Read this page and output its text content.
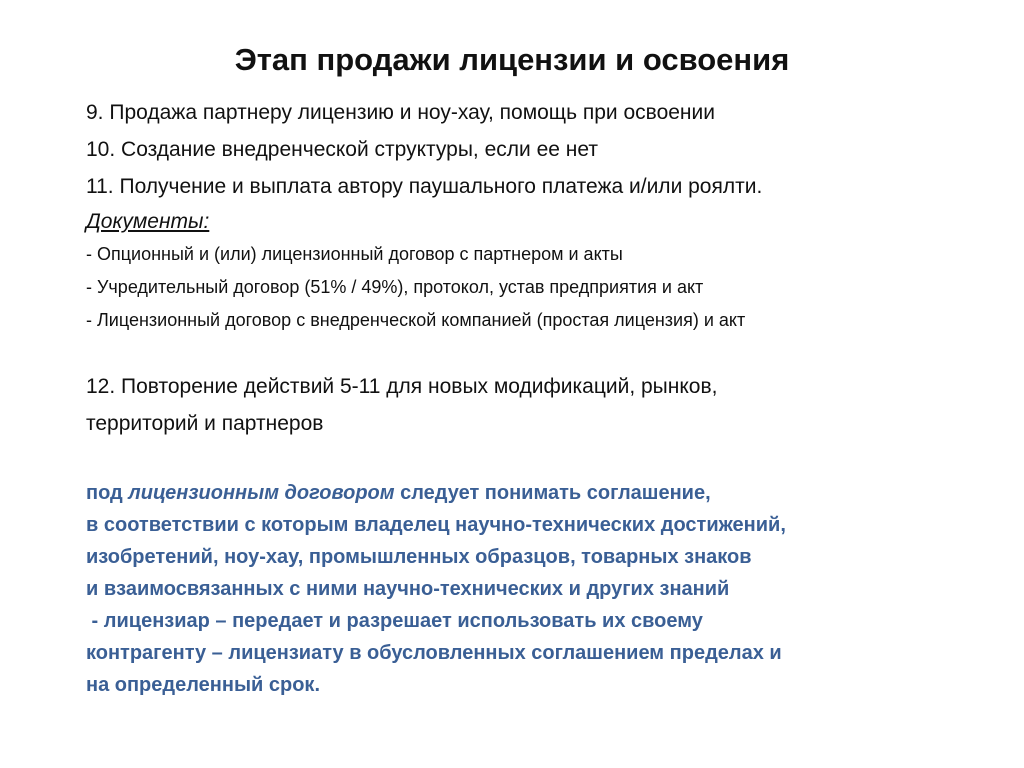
Этап продажи лицензии и освоения
9. Продажа партнеру лицензию и ноу-хау, помощь при освоении
10. Создание внедренческой структуры, если ее нет
11. Получение и выплата автору паушального платежа и/или роялти.
Документы:
- Опционный и (или) лицензионный договор с партнером и акты
- Учредительный договор (51% / 49%), протокол, устав предприятия и акт
- Лицензионный договор с внедренческой компанией (простая лицензия) и акт
12. Повторение действий 5-11 для новых модификаций, рынков,
территорий и партнеров
под лицензионным договором следует понимать соглашение,
в соответствии с которым владелец научно-технических достижений,
изобретений, ноу-хау, промышленных образцов, товарных знаков
и взаимосвязанных с ними научно-технических и других знаний
- лицензиар – передает и разрешает использовать их своему
контрагенту – лицензиату в обусловленных соглашением пределах и
на определенный срок.
